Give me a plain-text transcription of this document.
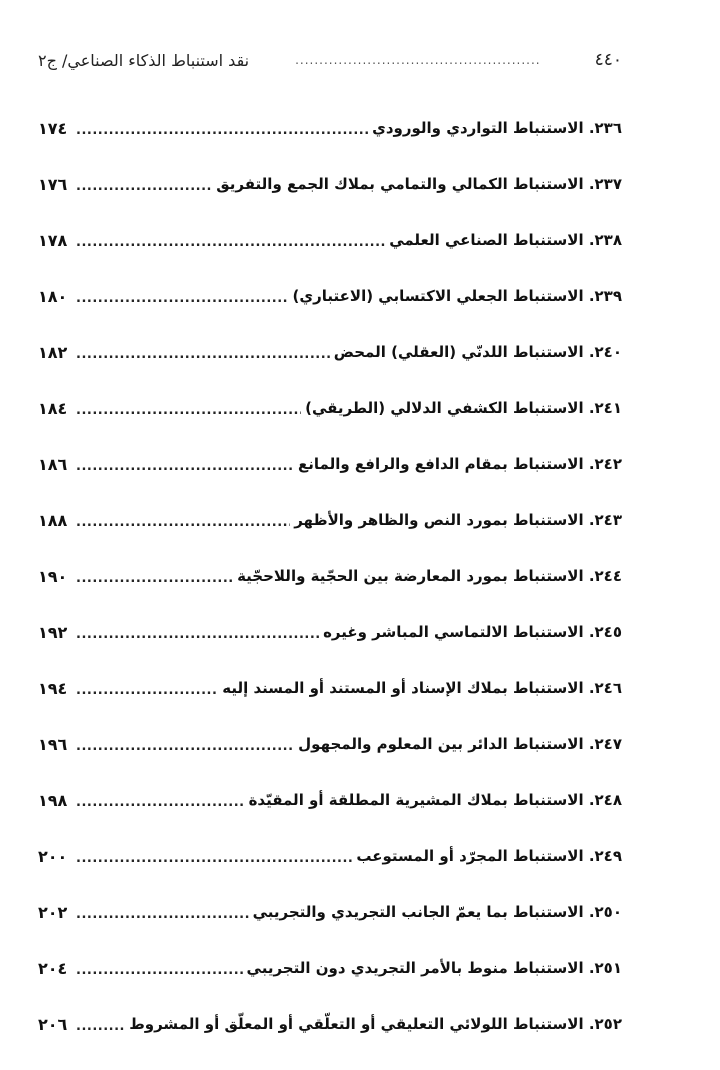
٤٤٠
...................................................
نقد استنباط الذكاء الصناعي/ ج٢
٢٣٦. الاستنباط التواردي والورودي
.....
١٧٤
٢٣٧. الاستنباط الكمالي والتمامي بملاك الجمع والتفريق
.....
١٧٦
٢٣٨. الاستنباط الصناعي العلمي
.....
١٧٨
٢٣٩. الاستنباط الجعلي الاكتسابي (الاعتباري)
.....
١٨٠
٢٤٠. الاستنباط اللدنّي (العقلي) المحض
.....
١٨٢
٢٤١. الاستنباط الكشفي الدلالي (الطريقي)
.....
١٨٤
٢٤٢. الاستنباط بمقام الدافع والرافع والمانع
.....
١٨٦
٢٤٣. الاستنباط بمورد النص والظاهر والأظهر
.....
١٨٨
٢٤٤. الاستنباط بمورد المعارضة بين الحجّية واللاحجّية
.....
١٩٠
٢٤٥. الاستنباط الالتماسي المباشر وغيره
.....
١٩٢
٢٤٦. الاستنباط بملاك الإسناد أو المستند أو المسند إليه
.....
١٩٤
٢٤٧. الاستنباط الدائر بين المعلوم والمجهول
.....
١٩٦
٢٤٨. الاستنباط بملاك المشيرية المطلقة أو المقيّدة
.....
١٩٨
٢٤٩. الاستنباط المجرّد أو المستوعب
.....
٢٠٠
٢٥٠. الاستنباط بما يعمّ الجانب التجريدي والتجريبي
.....
٢٠٢
٢٥١. الاستنباط منوط بالأمر التجريدي دون التجريبي
.....
٢٠٤
٢٥٢. الاستنباط اللولائي التعليقي أو التعلّقي أو المعلّق أو المشروط
.....
٢٠٦
